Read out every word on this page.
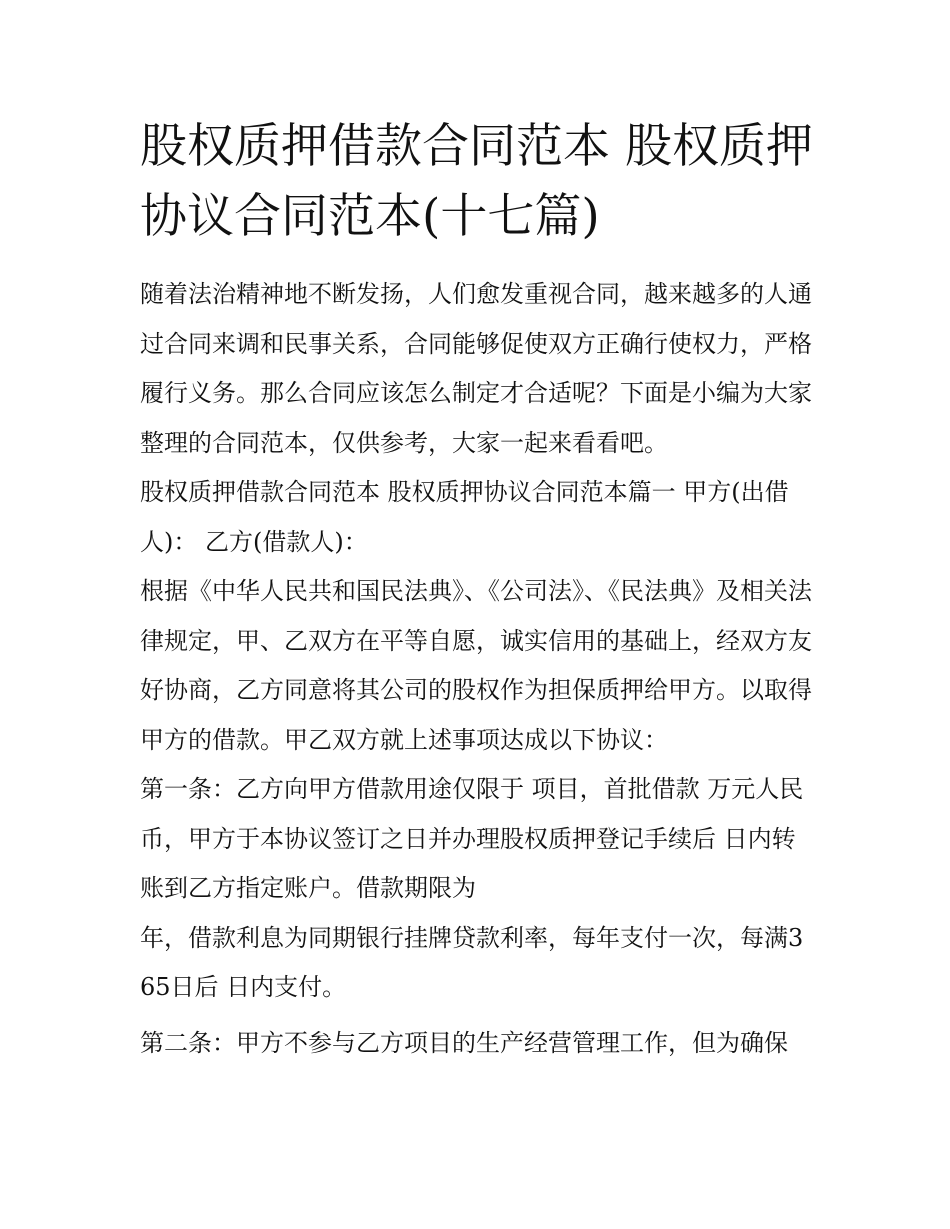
股权质押借款合同范本 股权质押协议合同范本(十七篇)

随着法治精神地不断发扬，人们愈发重视合同，越来越多的人通过合同来调和民事关系，合同能够促使双方正确行使权力，严格履行义务。那么合同应该怎么制定才合适呢？下面是小编为大家整理的合同范本，仅供参考，大家一起来看看吧。

股权质押借款合同范本 股权质押协议合同范本篇一 甲方(出借人)： 乙方(借款人)：

根据《中华人民共和国民法典》、《公司法》、《民法典》及相关法律规定，甲、乙双方在平等自愿，诚实信用的基础上，经双方友好协商，乙方同意将其公司的股权作为担保质押给甲方。以取得甲方的借款。甲乙双方就上述事项达成以下协议：

第一条：乙方向甲方借款用途仅限于 项目，首批借款 万元人民币，甲方于本协议签订之日并办理股权质押登记手续后 日内转账到乙方指定账户。借款期限为

年，借款利息为同期银行挂牌贷款利率，每年支付一次，每满365日后 日内支付。

第二条：甲方不参与乙方项目的生产经营管理工作，但为确保
